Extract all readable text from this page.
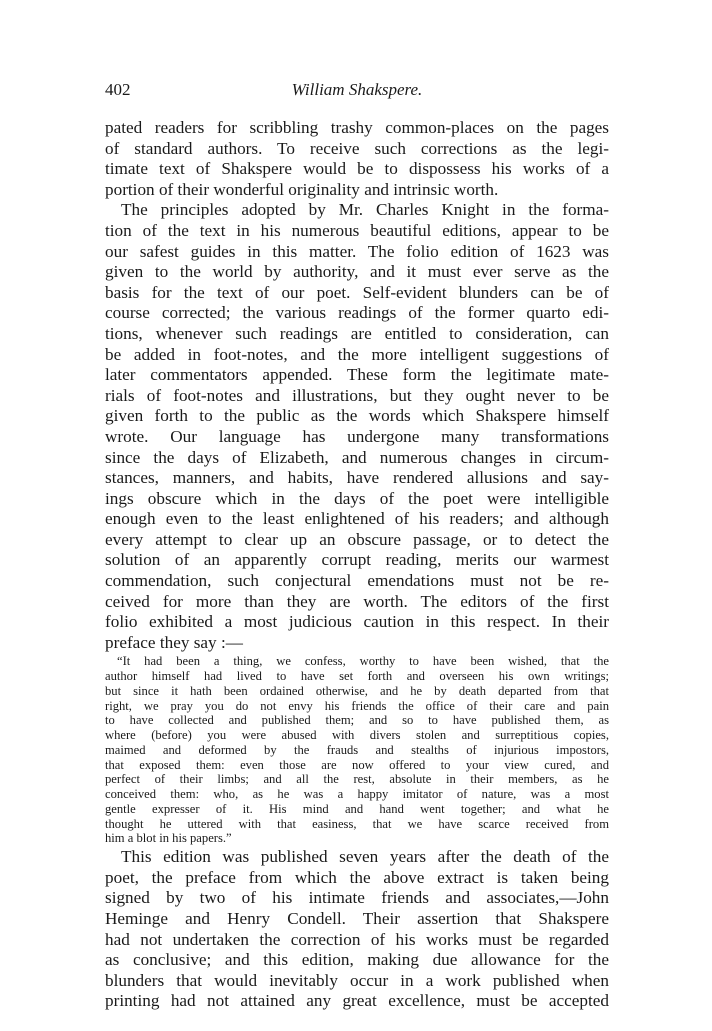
402	William Shakspere.
pated readers for scribbling trashy common-places on the pages
of standard authors. To receive such corrections as the legi-
timate text of Shakspere would be to dispossess his works of a
portion of their wonderful originality and intrinsic worth.
The principles adopted by Mr. Charles Knight in the forma-
tion of the text in his numerous beautiful editions, appear to be
our safest guides in this matter. The folio edition of 1623 was
given to the world by authority, and it must ever serve as the
basis for the text of our poet. Self-evident blunders can be of
course corrected; the various readings of the former quarto edi-
tions, whenever such readings are entitled to consideration, can
be added in foot-notes, and the more intelligent suggestions of
later commentators appended. These form the legitimate mate-
rials of foot-notes and illustrations, but they ought never to be
given forth to the public as the words which Shakspere himself
wrote. Our language has undergone many transformations
since the days of Elizabeth, and numerous changes in circum-
stances, manners, and habits, have rendered allusions and say-
ings obscure which in the days of the poet were intelligible
enough even to the least enlightened of his readers; and although
every attempt to clear up an obscure passage, or to detect the
solution of an apparently corrupt reading, merits our warmest
commendation, such conjectural emendations must not be re-
ceived for more than they are worth. The editors of the first
folio exhibited a most judicious caution in this respect. In their
preface they say :—
“It had been a thing, we confess, worthy to have been wished, that the
author himself had lived to have set forth and overseen his own writings;
but since it hath been ordained otherwise, and he by death departed from that
right, we pray you do not envy his friends the office of their care and pain
to have collected and published them; and so to have published them, as
where (before) you were abused with divers stolen and surreptitious copies,
maimed and deformed by the frauds and stealths of injurious impostors,
that exposed them: even those are now offered to your view cured, and
perfect of their limbs; and all the rest, absolute in their members, as he
conceived them: who, as he was a happy imitator of nature, was a most
gentle expresser of it. His mind and hand went together; and what he
thought he uttered with that easiness, that we have scarce received from
him a blot in his papers.”
This edition was published seven years after the death of the
poet, the preface from which the above extract is taken being
signed by two of his intimate friends and associates,—John
Heminge and Henry Condell. Their assertion that Shakspere
had not undertaken the correction of his works must be regarded
as conclusive; and this edition, making due allowance for the
blunders that would inevitably occur in a work published when
printing had not attained any great excellence, must be accepted
